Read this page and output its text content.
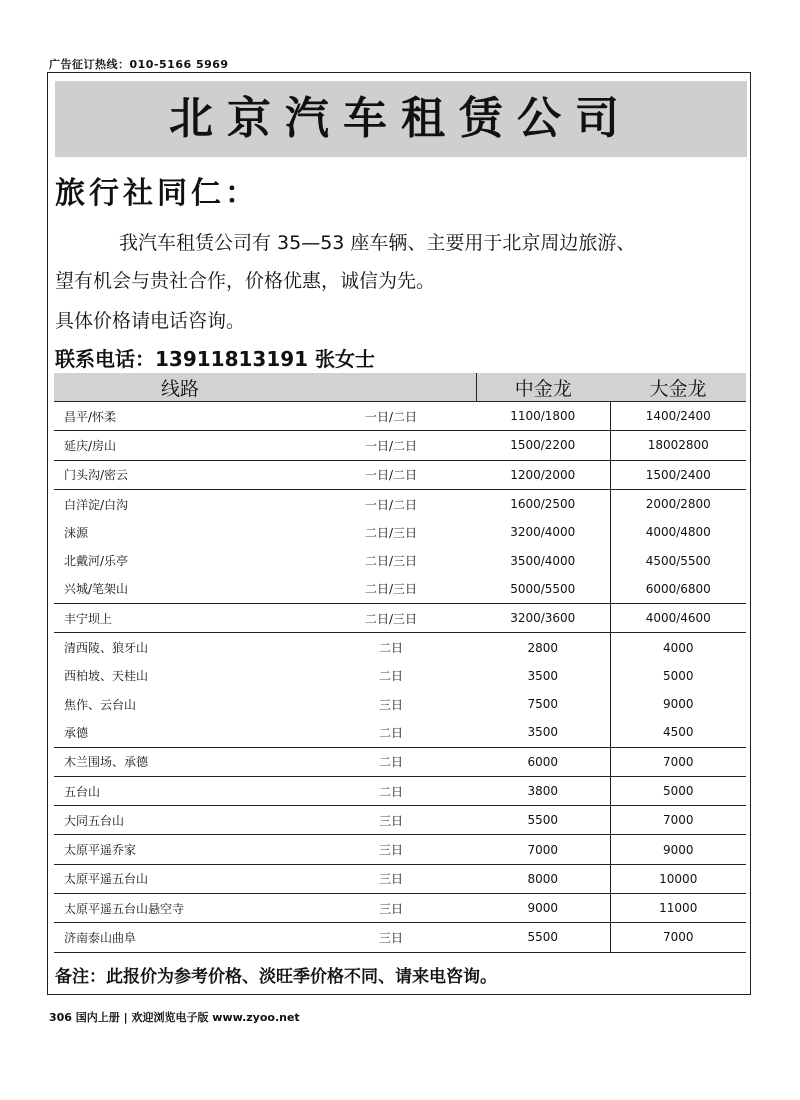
广告征订热线：010-5166 5969
北京汽车租赁公司
旅行社同仁：
我汽车租赁公司有 35—53 座车辆、主要用于北京周边旅游、
望有机会与贵社合作，价格优惠，诚信为先。
具体价格请电话咨询。
联系电话：13911813191 张女士
线路		中金龙	大金龙
昌平/怀柔	一日/二日	1100/1800	1400/2400
延庆/房山	一日/二日	1500/2200	18002800
门头沟/密云	一日/二日	1200/2000	1500/2400
白洋淀/白沟	一日/二日	1600/2500	2000/2800
涞源	二日/三日	3200/4000	4000/4800
北戴河/乐亭	二日/三日	3500/4000	4500/5500
兴城/笔架山	二日/三日	5000/5500	6000/6800
丰宁坝上	二日/三日	3200/3600	4000/4600
清西陵、狼牙山	二日	2800	4000
西柏坡、天桂山	二日	3500	5000
焦作、云台山	三日	7500	9000
承德	二日	3500	4500
木兰围场、承德	二日	6000	7000
五台山	二日	3800	5000
大同五台山	三日	5500	7000
太原平遥乔家	三日	7000	9000
太原平遥五台山	三日	8000	10000
太原平遥五台山悬空寺	三日	9000	11000
济南泰山曲阜	三日	5500	7000
备注：此报价为参考价格、淡旺季价格不同、请来电咨询。
306 国内上册 | 欢迎浏览电子版 www.zyoo.net
